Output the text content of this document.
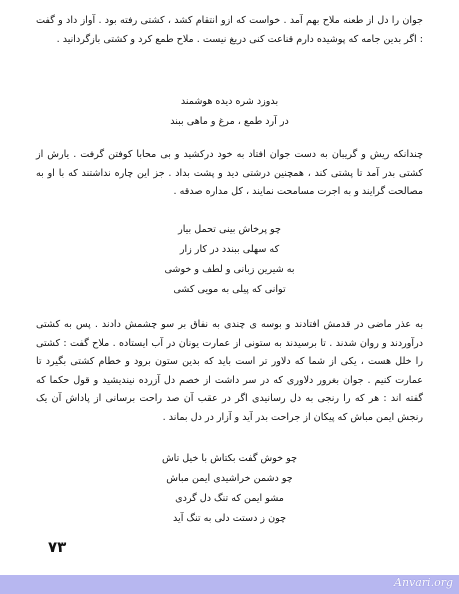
جوان را دل از طعنه ملاح بهم آمد . خواست که ازو انتقام کشد ، کشتی رفته بود . آواز داد و گفت : اگر بدین جامه که پوشیده دارم قناعت کنی دریغ نیست . ملاح طمع کرد و کشتی بازگردانید .

بدوزد شره دیده هوشمند
در آرد طمع ، مرغ و ماهی ببند

چندانکه ریش و گریبان به دست جوان افتاد به خود درکشید و بی محابا کوفتن گرفت . یارش از کشتی بدر آمد تا پشتی کند ، همچنین درشتی دید و پشت بداد . جز این چاره نداشتند که با او به مصالحت گرایند و به اجرت مسامحت نمایند ، کل مداره صدقه .

چو پرخاش بینی تحمل بیار
که سهلی ببندد در کار زار
به شیرین زبانی و لطف و خوشی
توانی که پیلی به مویی کشی

به عذر ماضی در قدمش افتادند و بوسه ی چندی به نفاق بر سو چشمش دادند . پس به کشتی درآوردند و روان شدند . تا برسیدند به ستونی از عمارت یونان در آب ایستاده . ملاح گفت : کشتی را خلل هست ، یکی از شما که دلاور تر است باید که بدین ستون برود و خطام کشتی بگیرد تا عمارت کنیم . جوان بغرور دلاوری که در سر داشت از خصم دل آزرده نیندیشید و قول حکما که گفته اند : هر که را رنجی به دل رسانیدی اگر در عقب آن صد راحت برسانی از پاداش آن یک رنجش ایمن مباش که پیکان از جراحت بدر آید و آزار در دل بماند .

چو خوش گفت بکتاش با خیل تاش
چو دشمن خراشیدی ایمن مباش
مشو ایمن که تنگ دل گردی
چون ز دستت دلی به تنگ آید
۷۳
Anvari.org
